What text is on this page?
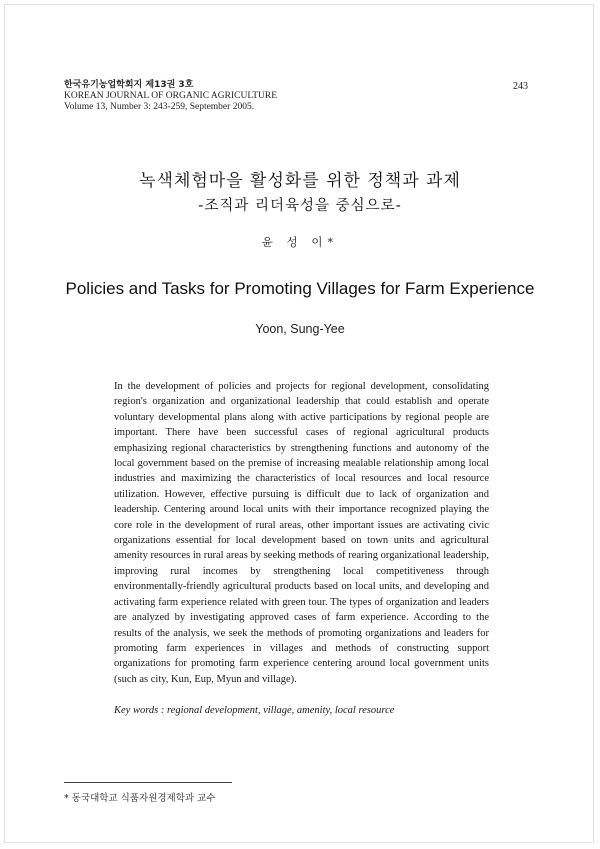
한국유기농업학회지 제13권 3호
KOREAN JOURNAL OF ORGANIC AGRICULTURE
Volume 13, Number 3: 243-259, September 2005.
243
녹색체험마을 활성화를 위한 정책과 과제
-조직과 리더육성을 중심으로-
윤 성 이*
Policies and Tasks for Promoting Villages for Farm Experience
Yoon, Sung-Yee

In the development of policies and projects for regional development, consolidating region's organization and organizational leadership that could establish and operate voluntary developmental plans along with active participations by regional people are important. There have been successful cases of regional agricultural products emphasizing regional characteristics by strengthening functions and autonomy of the local government based on the premise of increasing mealable relationship among local industries and maximizing the characteristics of local resources and local resource utilization. However, effective pursuing is difficult due to lack of organization and leadership. Centering around local units with their importance recognized playing the core role in the development of rural areas, other important issues are activating civic organizations essential for local development based on town units and agricultural amenity resources in rural areas by seeking methods of rearing organizational leadership, improving rural incomes by strengthening local competitiveness through environmentally-friendly agricultural products based on local units, and developing and activating farm experience related with green tour. The types of organization and leaders are analyzed by investigating approved cases of farm experience. According to the results of the analysis, we seek the methods of promoting organizations and leaders for promoting farm experiences in villages and methods of constructing support organizations for promoting farm experience centering around local government units (such as city, Kun, Eup, Myun and village).

Key words : regional development, village, amenity, local resource
* 동국대학교 식품자원경제학과 교수
